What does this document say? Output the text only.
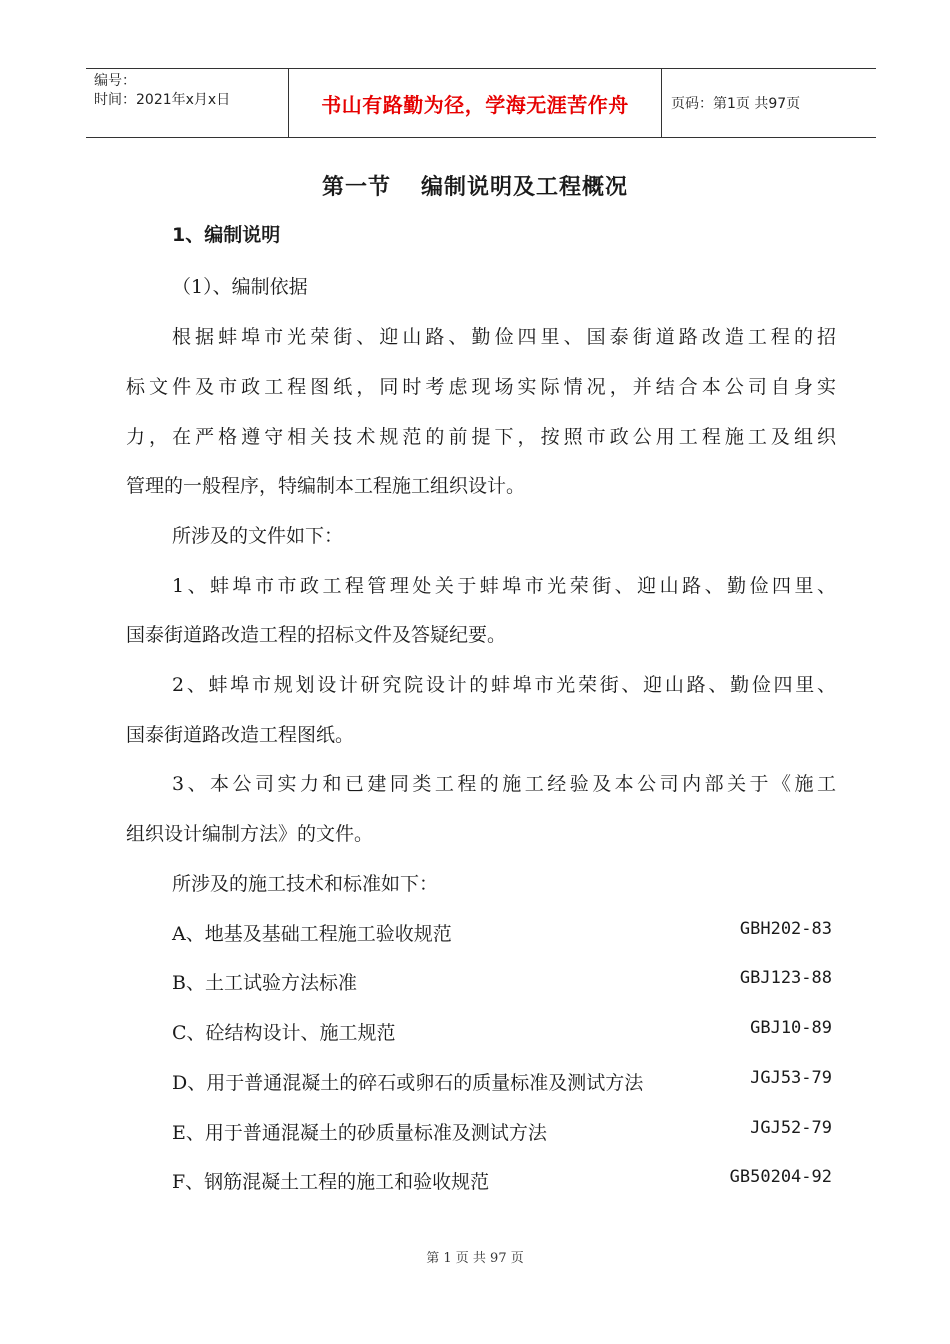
编号：
时间：2021年x月x日	书山有路勤为径，学海无涯苦作舟	页码：第1页 共97页
第一节 编制说明及工程概况
1、编制说明
（1）、编制依据
根据蚌埠市光荣街、迎山路、勤俭四里、国泰街道路改造工程的招
标文件及市政工程图纸，同时考虑现场实际情况，并结合本公司自身实
力，在严格遵守相关技术规范的前提下，按照市政公用工程施工及组织
管理的一般程序，特编制本工程施工组织设计。
所涉及的文件如下：
1、蚌埠市市政工程管理处关于蚌埠市光荣街、迎山路、勤俭四里、
国泰街道路改造工程的招标文件及答疑纪要。
2、蚌埠市规划设计研究院设计的蚌埠市光荣街、迎山路、勤俭四里、
国泰街道路改造工程图纸。
3、本公司实力和已建同类工程的施工经验及本公司内部关于《施工
组织设计编制方法》的文件。
所涉及的施工技术和标准如下：
A、地基及基础工程施工验收规范	GBH202-83
B、土工试验方法标准	GBJ123-88
C、砼结构设计、施工规范	GBJ10-89
D、用于普通混凝土的碎石或卵石的质量标准及测试方法	JGJ53-79
E、用于普通混凝土的砂质量标准及测试方法	JGJ52-79
F、钢筋混凝土工程的施工和验收规范	GB50204-92
第 1 页 共 97 页
